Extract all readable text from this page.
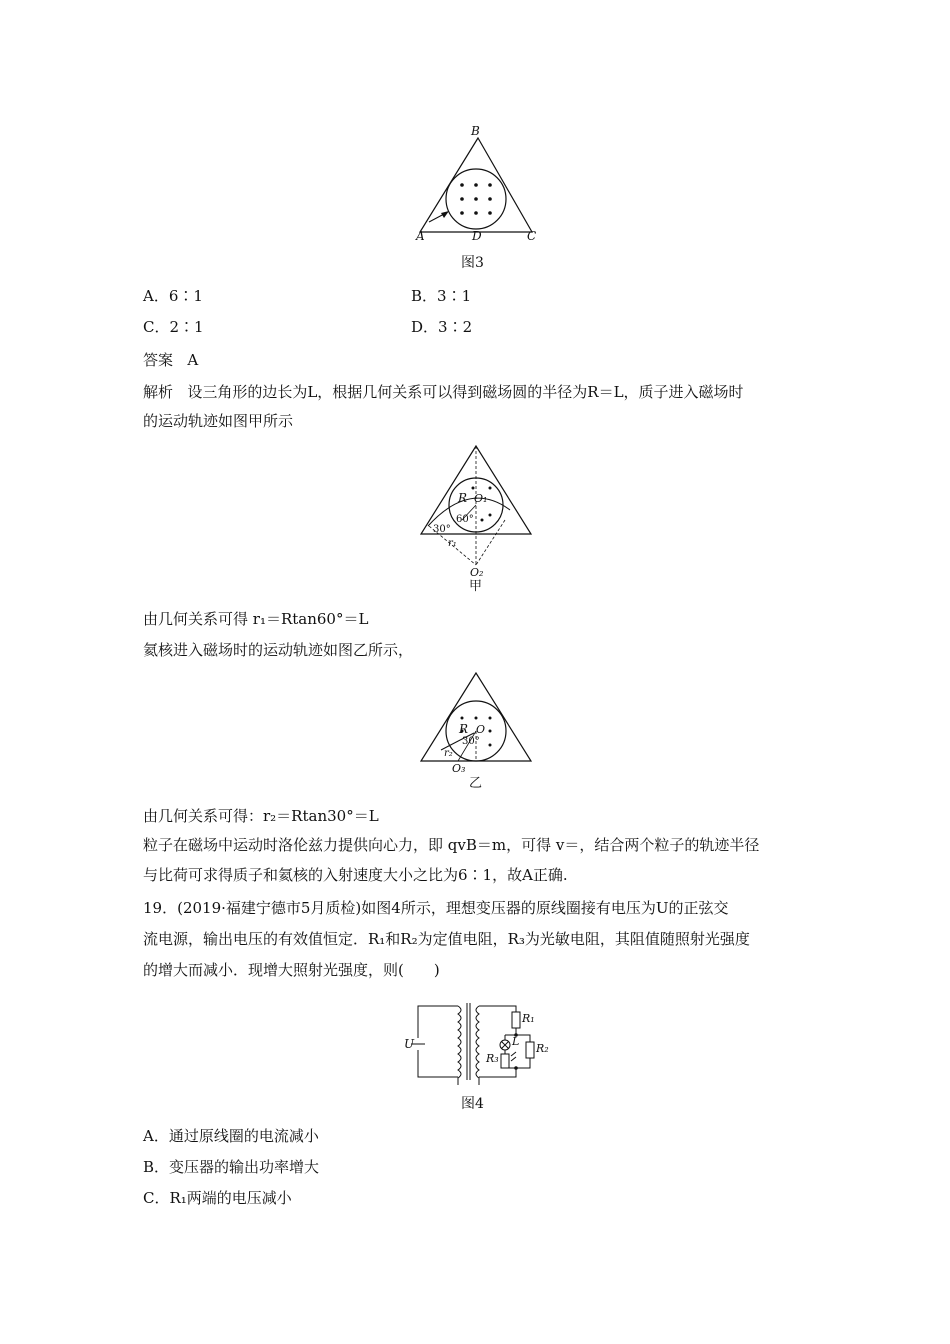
B
A	D	C
图3
A．6∶1	B．3∶1
C．2∶1	D．3∶2
答案 A
解析 设三角形的边长为L，根据几何关系可以得到磁场圆的半径为R＝L，质子进入磁场时
的运动轨迹如图甲所示
R O₁
60°
30°
r₁
O₂
甲
由几何关系可得 r₁＝Rtan60°＝L
氦核进入磁场时的运动轨迹如图乙所示，
R O
30°
r₂
O₃
乙
由几何关系可得：r₂＝Rtan30°＝L
粒子在磁场中运动时洛伦兹力提供向心力，即 qvB＝m，可得 v＝，结合两个粒子的轨迹半径
与比荷可求得质子和氦核的入射速度大小之比为6∶1，故A正确.
19．(2019·福建宁德市5月质检)如图4所示，理想变压器的原线圈接有电压为U的正弦交
流电源，输出电压的有效值恒定．R₁和R₂为定值电阻，R₃为光敏电阻，其阻值随照射光强度
的增大而减小．现增大照射光强度，则(　　)
U
R₁
L
R₂
R₃
图4
A．通过原线圈的电流减小
B．变压器的输出功率增大
C．R₁两端的电压减小
